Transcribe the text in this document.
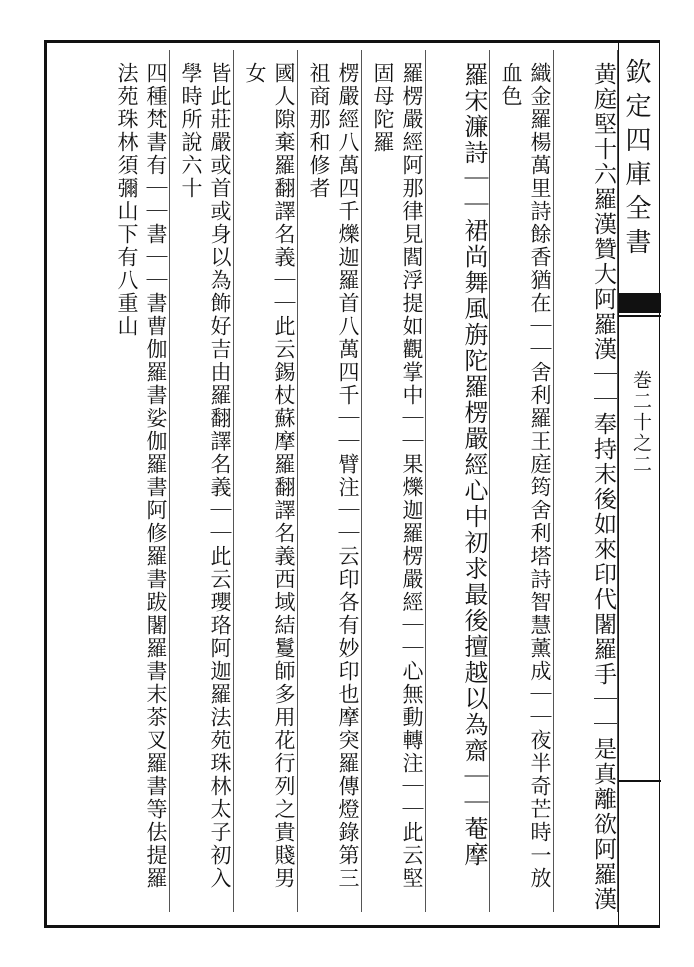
欽定四庫全書
巻二十之二
黄庭堅十六羅漢贊大阿羅漢｜｜奉持末後如來印代闍羅手｜｜是真離欲阿羅漢
織金羅楊萬里詩餘香猶在｜｜舍利羅王庭筠舍利塔詩智慧薰成｜｜夜半奇芒時一放血色
羅宋濂詩｜｜裙尚舞風旃陀羅楞嚴經心中初求最後擅越以為齋｜｜菴摩
羅楞嚴經阿那律見閻浮提如觀掌中｜｜果爍迦羅楞嚴經｜｜心無動轉注｜｜此云堅固母陀羅
楞嚴經八萬四千爍迦羅首八萬四千｜｜臂注｜｜云印各有妙印也摩突羅傳燈錄第三祖商那和修者
國人隙棄羅翻譯名義｜｜此云錫杖蘇摩羅翻譯名義西域結鬘師多用花行列之貴賤男女
皆此莊嚴或首或身以為飾好吉由羅翻譯名義｜｜此云瓔珞阿迦羅法苑珠林太子初入學時所說六十
四種梵書有｜｜書｜｜書曹伽羅書娑伽羅書阿修羅書跋闍羅書末茶叉羅書等佉提羅法苑珠林須彌山下有八重山
